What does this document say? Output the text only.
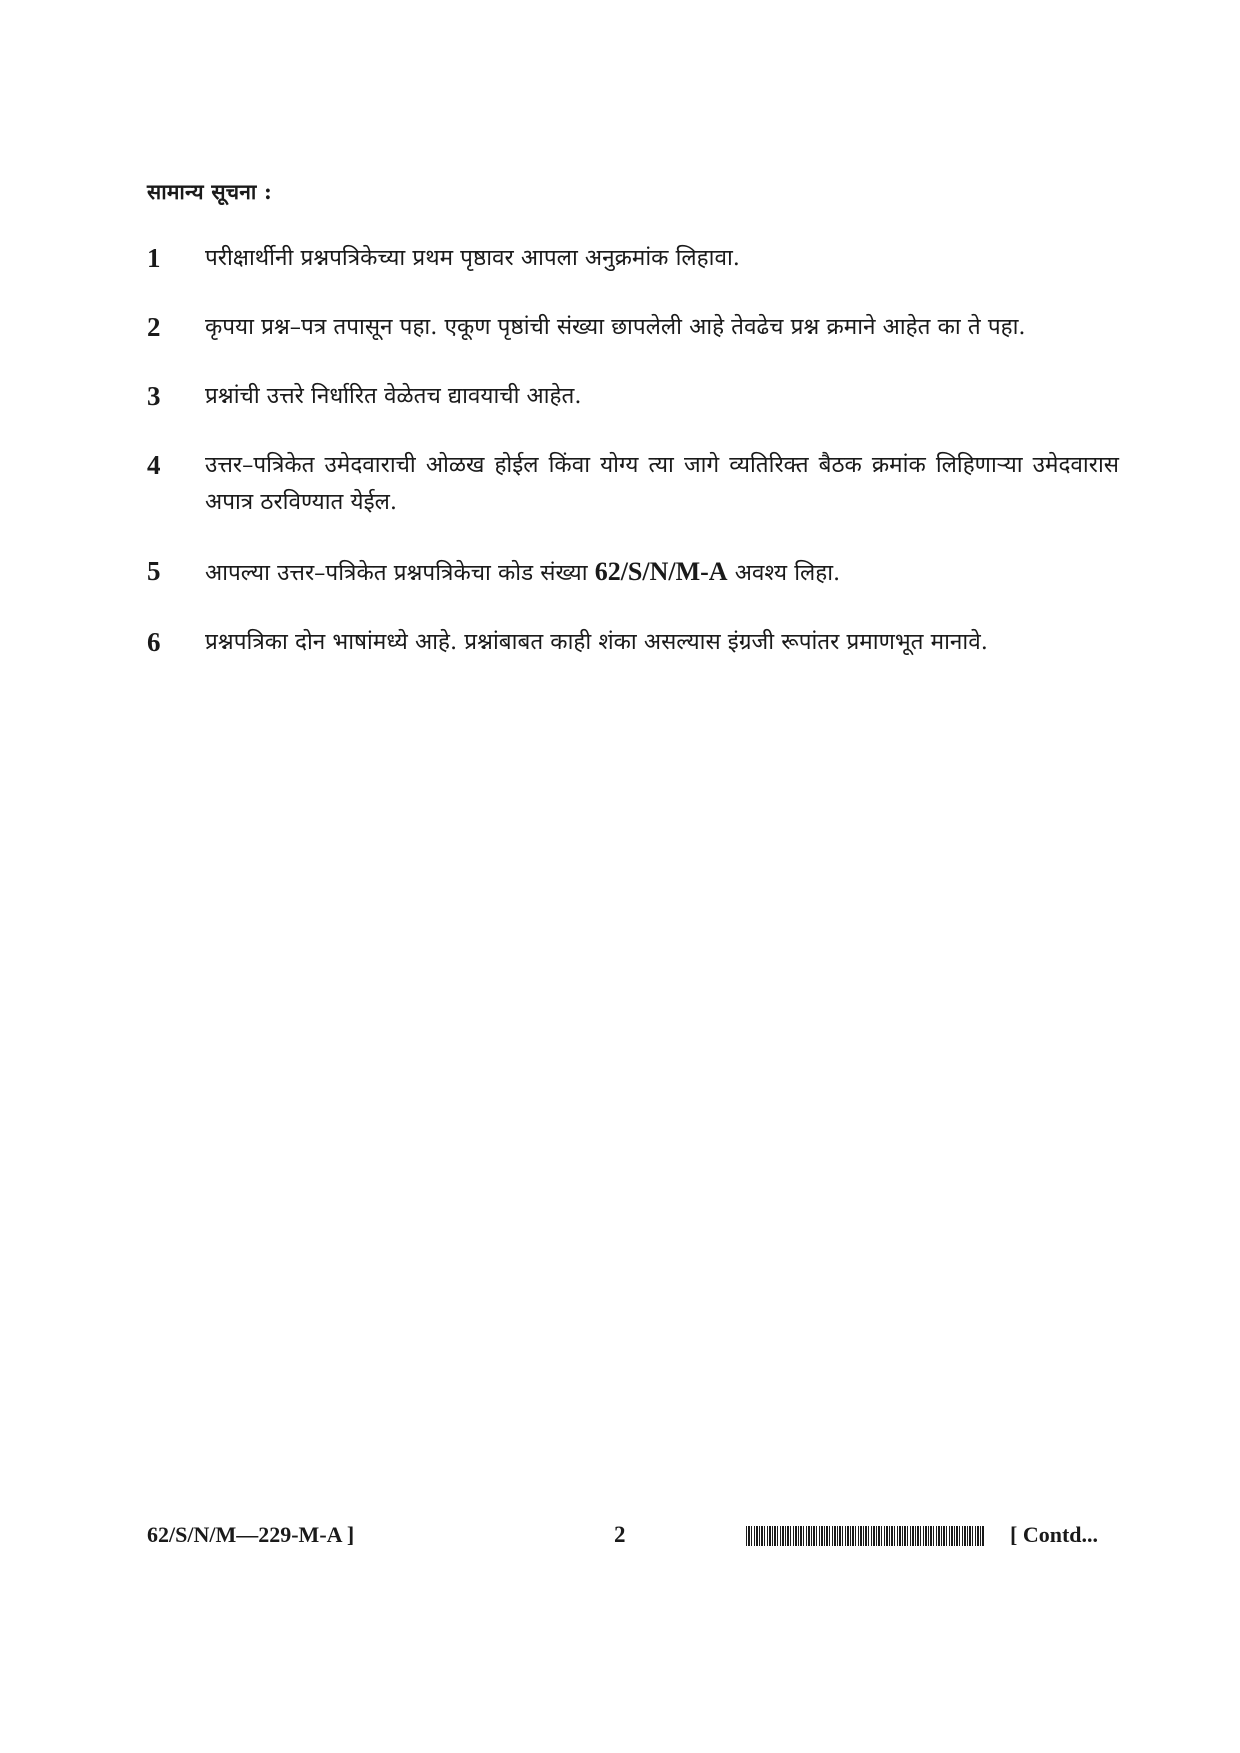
सामान्य सूचना :
1 परीक्षार्थीनी प्रश्नपत्रिकेच्या प्रथम पृष्ठावर आपला अनुक्रमांक लिहावा.
2 कृपया प्रश्न–पत्र तपासून पहा. एकूण पृष्ठांची संख्या छापलेली आहे तेवढेच प्रश्न क्रमाने आहेत का ते पहा.
3 प्रश्नांची उत्तरे निर्धारित वेळेतच द्यावयाची आहेत.
4 उत्तर–पत्रिकेत उमेदवाराची ओळख होईल किंवा योग्य त्या जागे व्यतिरिक्त बैठक क्रमांक लिहिणाऱ्या उमेदवारास अपात्र ठरविण्यात येईल.
5 आपल्या उत्तर–पत्रिकेत प्रश्नपत्रिकेचा कोड संख्या 62/S/N/M-A अवश्य लिहा.
6 प्रश्नपत्रिका दोन भाषांमध्ये आहे. प्रश्नांबाबत काही शंका असल्यास इंग्रजी रूपांतर प्रमाणभूत मानावे.
62/S/N/M—229-M-A ]	2	[ Contd...
